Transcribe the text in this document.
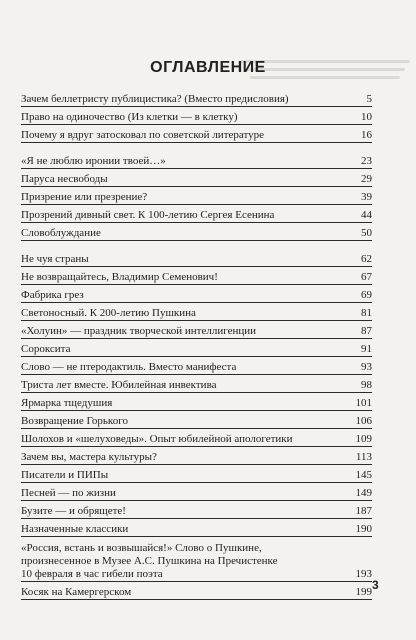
ОГЛАВЛЕНИЕ
Зачем беллетристу публицистика? (Вместо предисловия)	5
Право на одиночество (Из клетки — в клетку)	10
Почему я вдруг затосковал по советской литературе	16
«Я не люблю иронии твоей…»	23
Паруса несвободы	29
Призрение или презрение?	39
Прозрений дивный свет. К 100-летию Сергея Есенина	44
Словоблуждание	50
Не чуя страны	62
Не возвращайтесь, Владимир Семенович!	67
Фабрика грез	69
Светоносный. К 200-летию Пушкина	81
«Холуин» — праздник творческой интеллигенции	87
Сороксита	91
Слово — не птеродактиль. Вместо манифеста	93
Триста лет вместе. Юбилейная инвектива	98
Ярмарка тщедушия	101
Возвращение Горького	106
Шолохов и «шелуховеды». Опыт юбилейной апологетики	109
Зачем вы, мастера культуры?	113
Писатели и ПИПы	145
Песней — по жизни	149
Бузите — и обрящете!	187
Назначенные классики	190
«Россия, встань и возвышайся!» Слово о Пушкине,
произнесенное в Музее А.С. Пушкина на Пречистенке
10 февраля в час гибели поэта	193
Косяк на Камергерском	199 3
